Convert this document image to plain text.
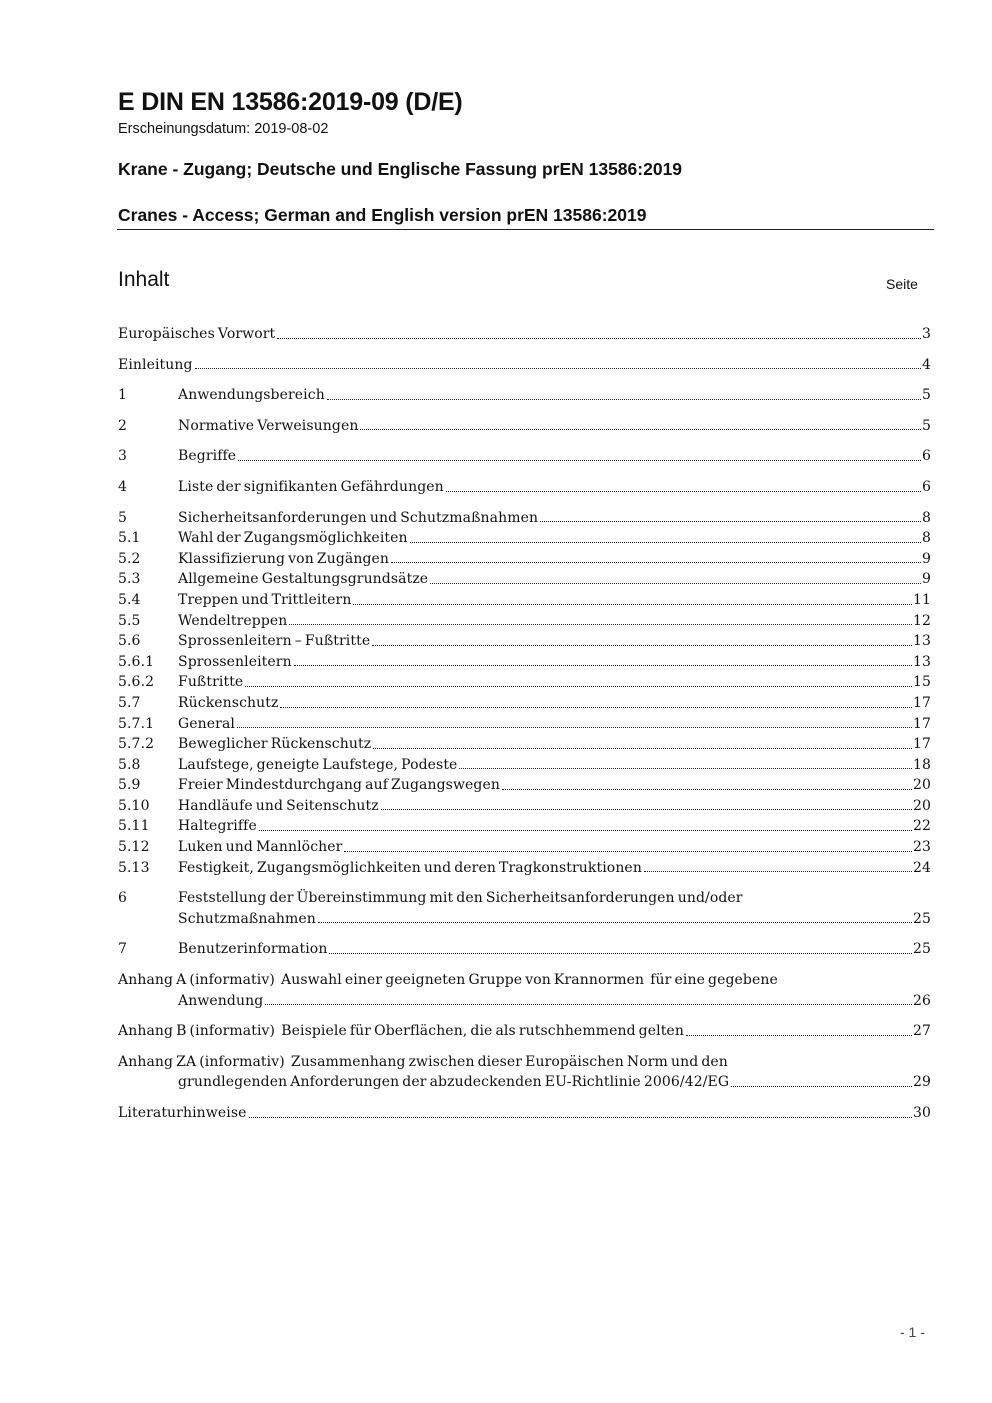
E DIN EN 13586:2019-09 (D/E)
Erscheinungsdatum: 2019-08-02
Krane - Zugang; Deutsche und Englische Fassung prEN 13586:2019
Cranes - Access; German and English version prEN 13586:2019
Inhalt	Seite
Europäisches Vorwort	3
Einleitung	4
1	Anwendungsbereich	5
2	Normative Verweisungen	5
3	Begriffe	6
4	Liste der signifikanten Gefährdungen	6
5	Sicherheitsanforderungen und Schutzmaßnahmen	8
5.1	Wahl der Zugangsmöglichkeiten	8
5.2	Klassifizierung von Zugängen	9
5.3	Allgemeine Gestaltungsgrundsätze	9
5.4	Treppen und Trittleitern	11
5.5	Wendeltreppen	12
5.6	Sprossenleitern – Fußtritte	13
5.6.1	Sprossenleitern	13
5.6.2	Fußtritte	15
5.7	Rückenschutz	17
5.7.1	General	17
5.7.2	Beweglicher Rückenschutz	17
5.8	Laufstege, geneigte Laufstege, Podeste	18
5.9	Freier Mindestdurchgang auf Zugangswegen	20
5.10	Handläufe und Seitenschutz	20
5.11	Haltegriffe	22
5.12	Luken und Mannlöcher	23
5.13	Festigkeit, Zugangsmöglichkeiten und deren Tragkonstruktionen	24
6	Feststellung der Übereinstimmung mit den Sicherheitsanforderungen und/oder
Schutzmaßnahmen	25
7	Benutzerinformation	25
Anhang A (informativ)  Auswahl einer geeigneten Gruppe von Krannormen  für eine gegebene
Anwendung	26
Anhang B (informativ)  Beispiele für Oberflächen, die als rutschhemmend gelten	27
Anhang ZA (informativ)  Zusammenhang zwischen dieser Europäischen Norm und den
grundlegenden Anforderungen der abzudeckenden EU-Richtlinie 2006/42/EG	29
Literaturhinweise	30
- 1 -
